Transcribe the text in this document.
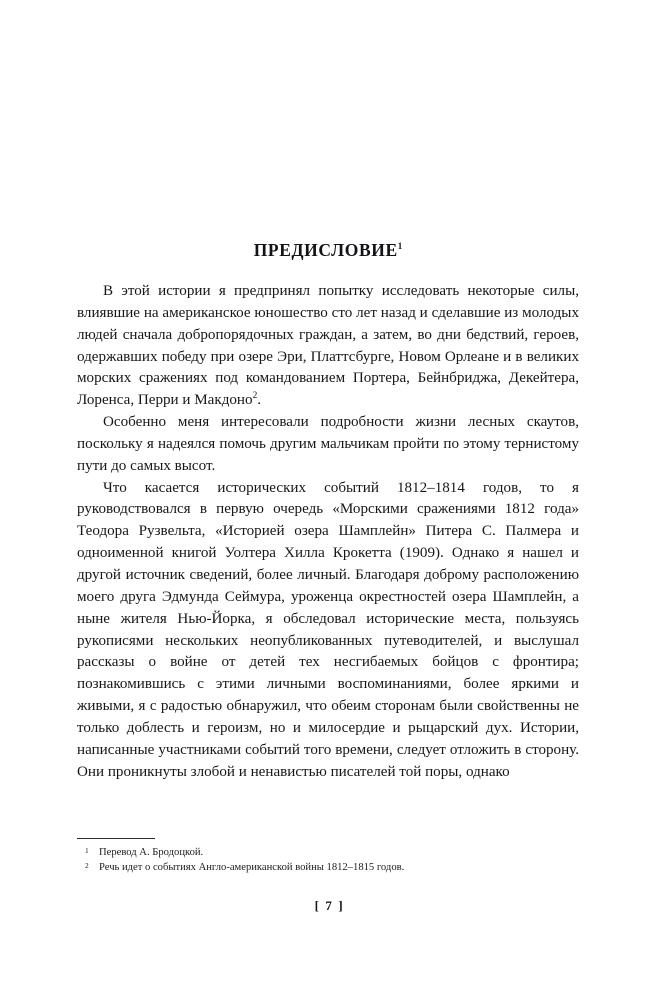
ПРЕДИСЛОВИЕ$^1$

В этой истории я предпринял попытку исследовать некоторые силы, влиявшие на американское юношество сто лет назад и сделавшие из молодых людей сначала добропорядочных граждан, а затем, во дни бедствий, героев, одержавших победу при озере Эри, Платтсбурге, Новом Орлеане и в великих морских сражениях под командованием Портера, Бейнбриджа, Декейтера, Лоренса, Перри и Макдоно$^2$.

Особенно меня интересовали подробности жизни лесных скаутов, поскольку я надеялся помочь другим мальчикам пройти по этому тернистому пути до самых высот.

Что касается исторических событий 1812–1814 годов, то я руководствовался в первую очередь «Морскими сражениями 1812 года» Теодора Рузвельта, «Историей озера Шамплейн» Питера С. Палмера и одноименной книгой Уолтера Хилла Крокетта (1909). Однако я нашел и другой источник сведений, более личный. Благодаря доброму расположению моего друга Эдмунда Сеймура, уроженца окрестностей озера Шамплейн, а ныне жителя Нью-Йорка, я обследовал исторические места, пользуясь рукописями нескольких неопубликованных путеводителей, и выслушал рассказы о войне от детей тех несгибаемых бойцов с фронтира; познакомившись с этими личными воспоминаниями, более яркими и живыми, я с радостью обнаружил, что обеим сторонам были свойственны не только доблесть и героизм, но и милосердие и рыцарский дух. Истории, написанные участниками событий того времени, следует отложить в сторону. Они проникнуты злобой и ненавистью писателей той поры, однако

1 Перевод А. Бродоцкой.

2 Речь идет о событиях Англо-американской войны 1812–1815 годов.

[ 7 ]
